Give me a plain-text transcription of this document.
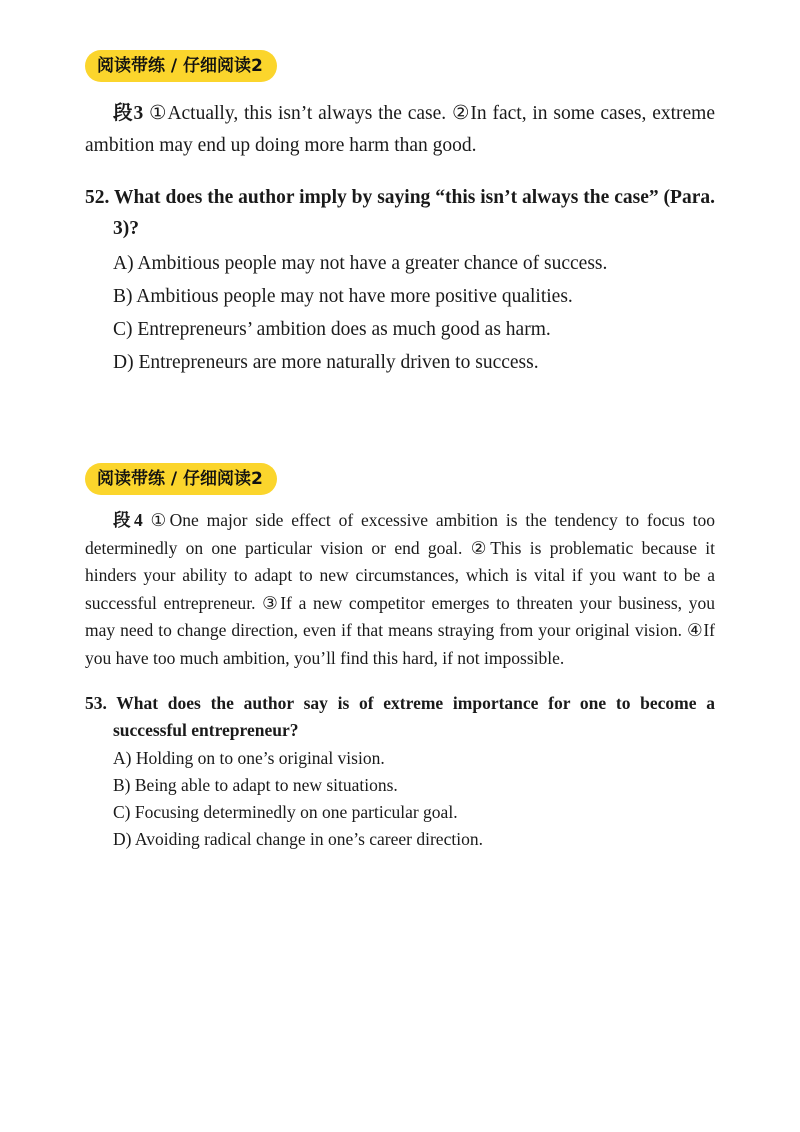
阅读带练 / 仔细阅读2

段3 ①Actually, this isn’t always the case. ②In fact, in some cases, extreme ambition may end up doing more harm than good.

52. What does the author imply by saying “this isn’t always the case” (Para. 3)?
A) Ambitious people may not have a greater chance of success.
B) Ambitious people may not have more positive qualities.
C) Entrepreneurs’ ambition does as much good as harm.
D) Entrepreneurs are more naturally driven to success.
阅读带练 / 仔细阅读2

段4 ①One major side effect of excessive ambition is the tendency to focus too determinedly on one particular vision or end goal. ②This is problematic because it hinders your ability to adapt to new circumstances, which is vital if you want to be a successful entrepreneur. ③If a new competitor emerges to threaten your business, you may need to change direction, even if that means straying from your original vision. ④If you have too much ambition, you’ll find this hard, if not impossible.

53. What does the author say is of extreme importance for one to become a successful entrepreneur?
A) Holding on to one’s original vision.
B) Being able to adapt to new situations.
C) Focusing determinedly on one particular goal.
D) Avoiding radical change in one’s career direction.
